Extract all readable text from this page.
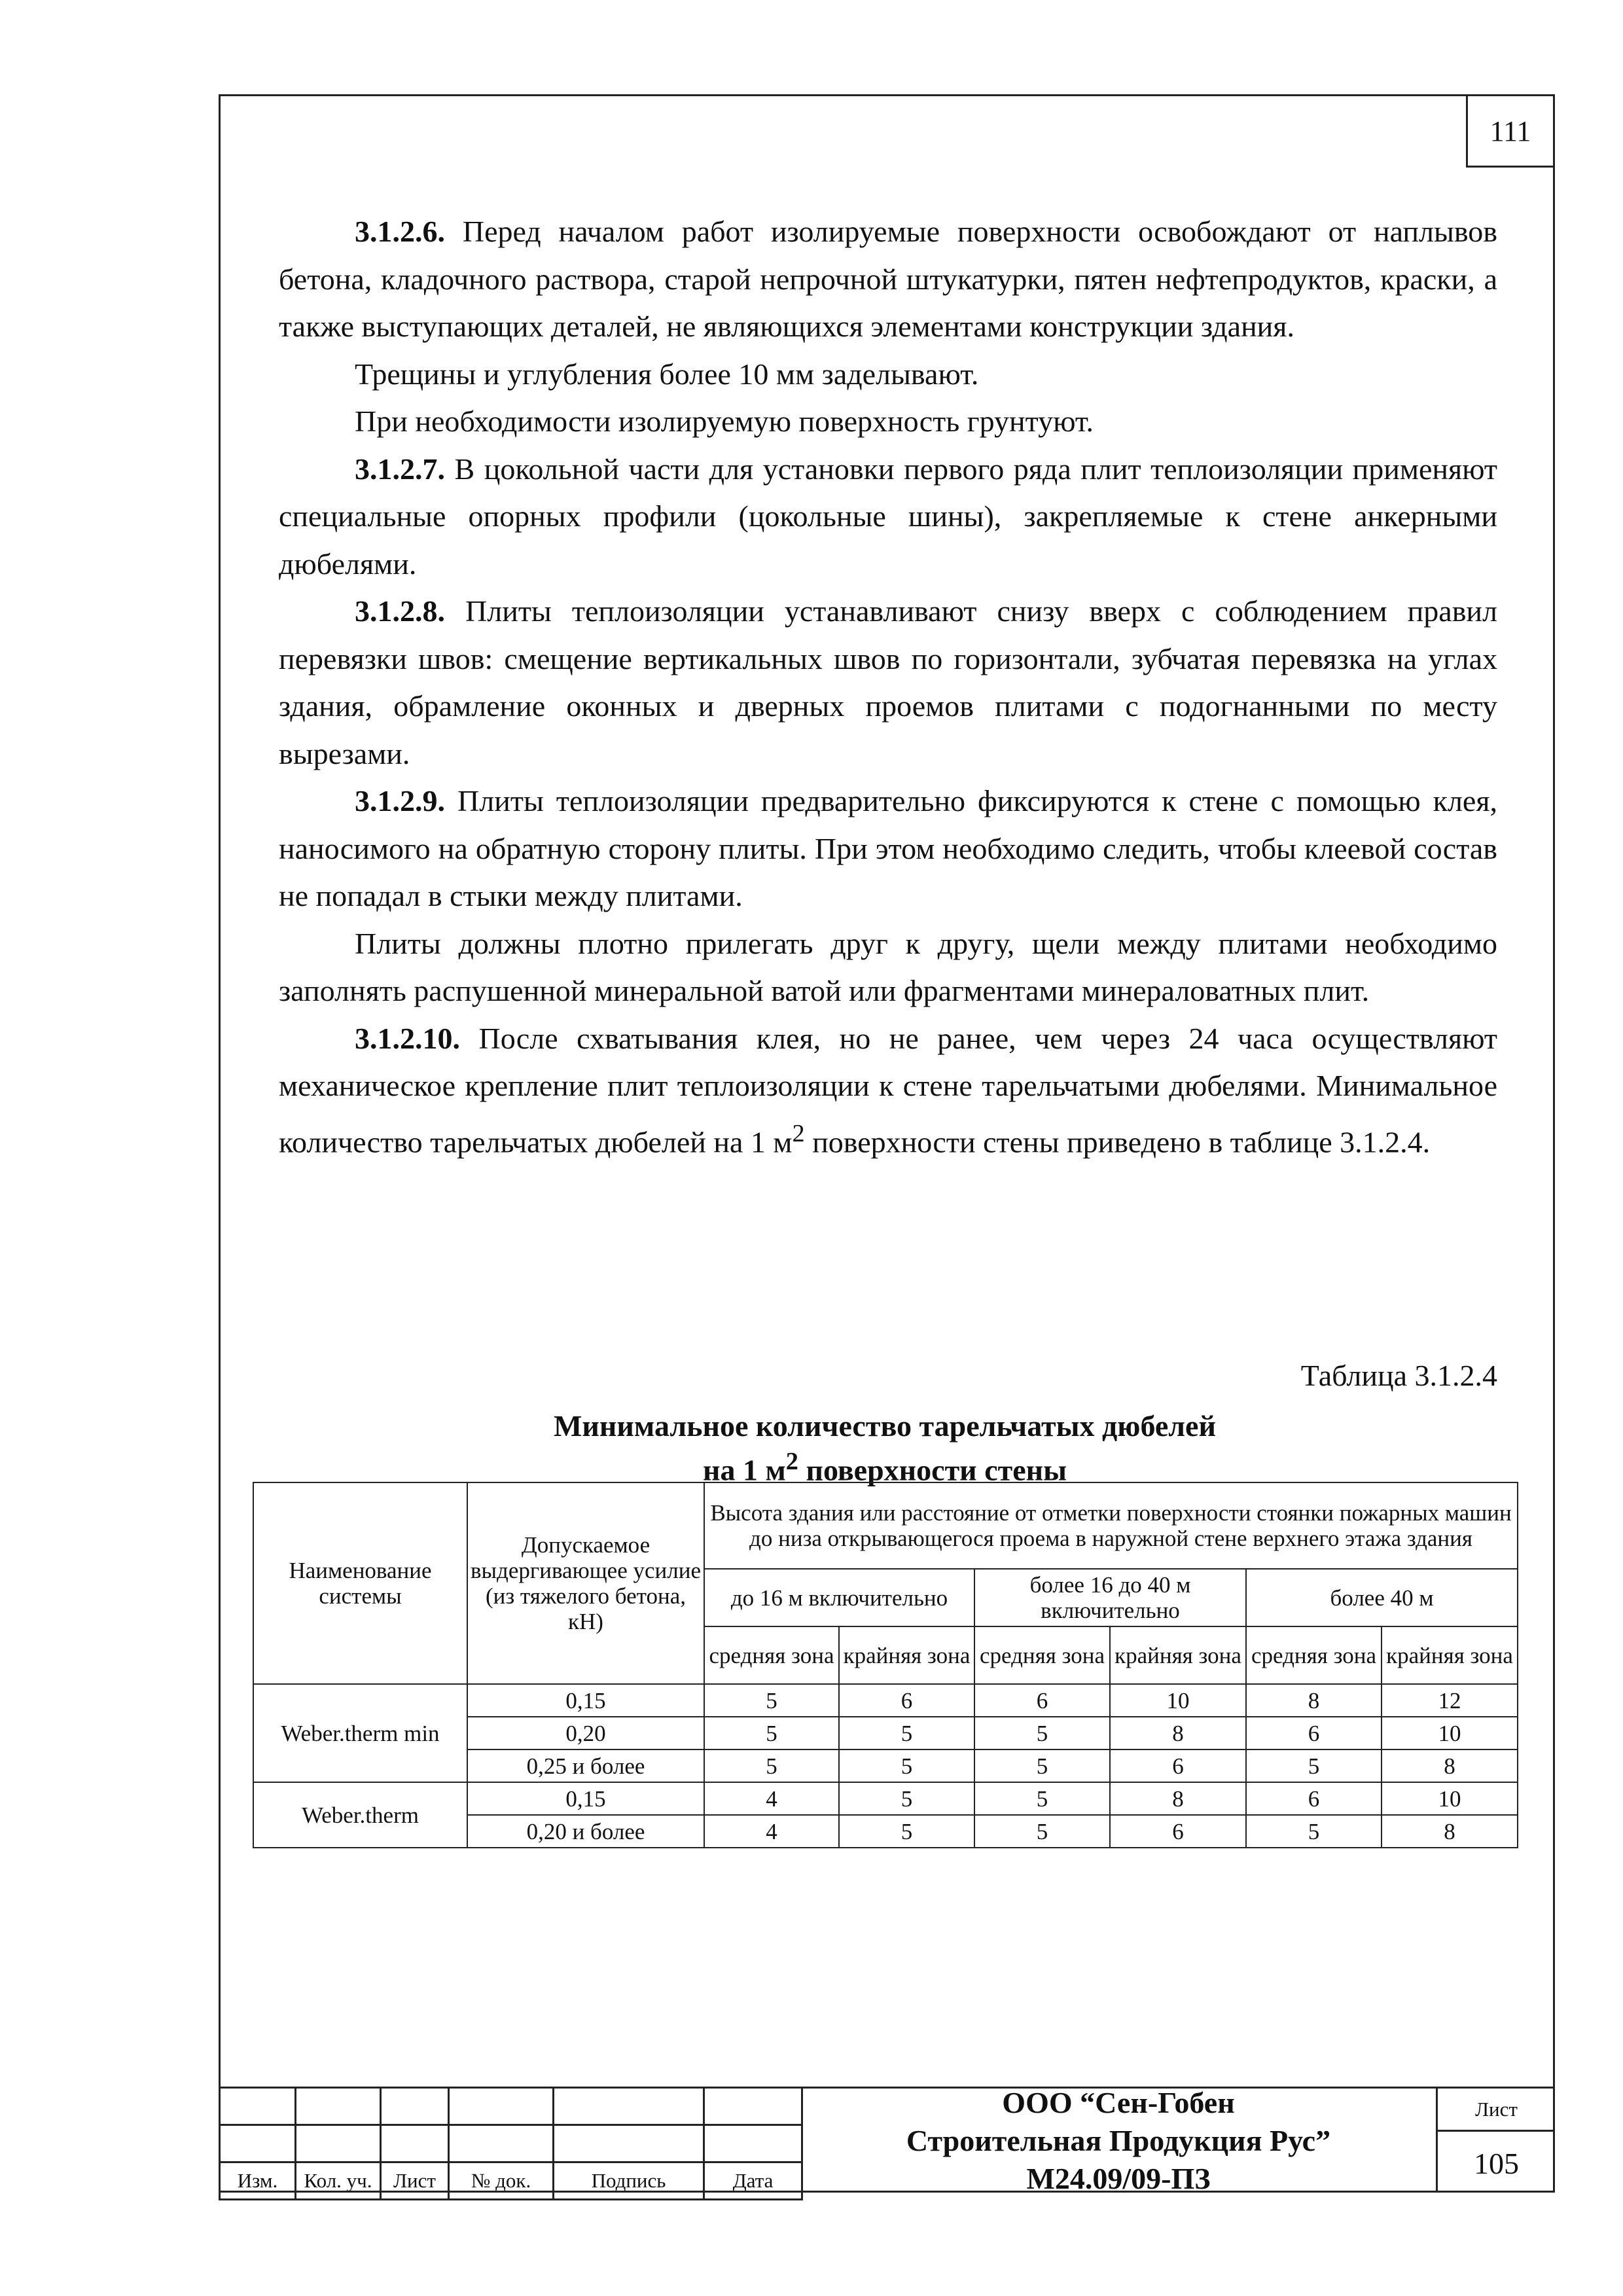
111

3.1.2.6. Перед началом работ изолируемые поверхности освобождают от наплывов бетона, кладочного раствора, старой непрочной штукатурки, пятен нефтепродуктов, краски, а также выступающих деталей, не являющихся элементами конструкции здания.

Трещины и углубления более 10 мм заделывают.

При необходимости изолируемую поверхность грунтуют.

3.1.2.7. В цокольной части для установки первого ряда плит теплоизоляции применяют специальные опорных профили (цокольные шины), закрепляемые к стене анкерными дюбелями.

3.1.2.8. Плиты теплоизоляции устанавливают снизу вверх с соблюдением правил перевязки швов: смещение вертикальных швов по горизонтали, зубчатая перевязка на углах здания, обрамление оконных и дверных проемов плитами с подогнанными по месту вырезами.

3.1.2.9. Плиты теплоизоляции предварительно фиксируются к стене с помощью клея, наносимого на обратную сторону плиты. При этом необходимо следить, чтобы клеевой состав не попадал в стыки между плитами.

Плиты должны плотно прилегать друг к другу, щели между плитами необходимо заполнять распушенной минеральной ватой или фрагментами минераловатных плит.

3.1.2.10. После схватывания клея, но не ранее, чем через 24 часа осуществляют механическое крепление плит теплоизоляции к стене тарельчатыми дюбелями. Минимальное количество тарельчатых дюбелей на 1 $м^2$ поверхности стены приведено в таблице 3.1.2.4.

Таблица 3.1.2.4
Минимальное количество тарельчатых дюбелей
на 1 $м^2$ поверхности стены
Наименование системы	Допускаемое выдергивающее усилие (из тяжелого бетона, кН)	Высота здания или расстояние от отметки поверхности стоянки пожарных машин до низа открывающегося проема в наружной стене верхнего этажа здания					
		до 16 м включительно		более 16 до 40 м включительно		более 40 м	
		средняя зона	крайняя зона	средняя зона	крайняя зона	средняя зона	крайняя зона
Weber.therm min	0,15	5	6	6	10	8	12
	0,20	5	5	5	8	6	10
	0,25 и более	5	5	5	6	5	8
Weber.therm	0,15	4	5	5	8	6	10
	0,20 и более	4	5	5	6	5	8

Изм.	Кол. уч.	Лист	№ док.	Подпись	Дата
ООО “Сен-Гобен
Строительная Продукция Рус”
М24.09/09-ПЗ
Лист
105
